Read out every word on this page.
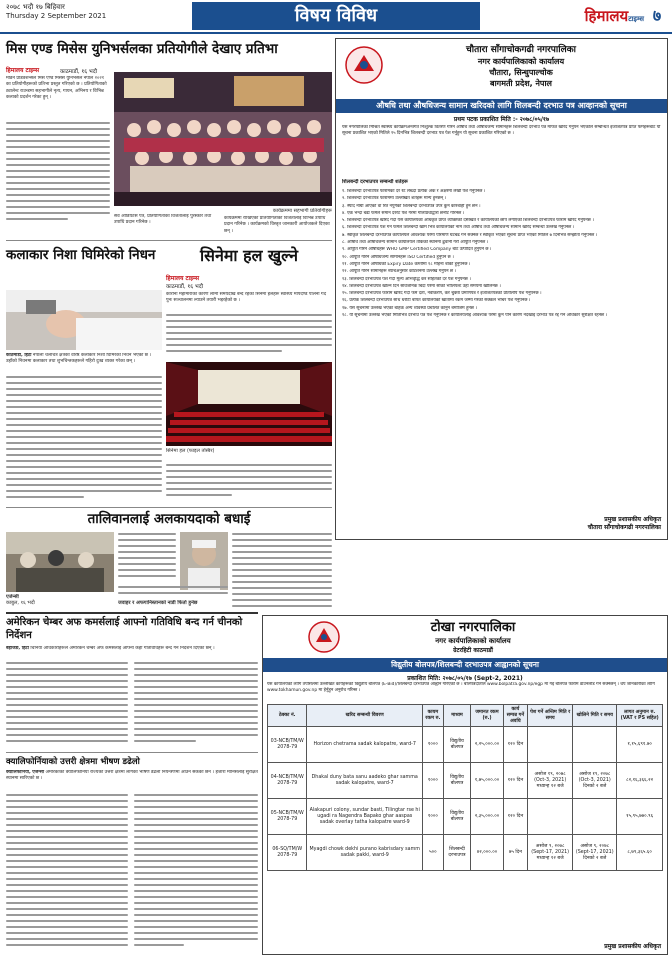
२०७८ भदौ १७ बिहिवार
Thursday 2 September 2021	विषय विविध	हिमालयटाइम्स ७
मिस एण्ड मिसेस युनिभर्सलका प्रतियोगीले देखाए प्रतिभा
हिमालय टाइम्स	काठमाडौं, १६ भदौ
मोडर्न प्रोडक्शन्सले मिस एण्ड मिसेस युनिभर्सल नेपाल २०२१ का प्रतियोगीहरूको प्रतिभा प्रस्तुत गरिएको छ । प्रतियोगिताको ट्यालेन्ट राउन्डमा सहभागीले नृत्य, गायन, अभिनय र विभिन्न कलाको प्रदर्शन गरेका हुन् ।
कार्यक्रममा सहभागी प्रतियोगीहरू
सर्वे ओडियेटर्स पत्र, प्रतियोगिताका विजेतालाई पुरस्कार तथा उपाधि प्रदान गरिनेछ ।
कार्यक्रममा राखिएको प्रतियोगिताको विजेतालाई विभिन्न उपाधि प्रदान गरिनेछ । कार्यक्रमको विस्तृत जानकारी आयोजकले दिएका छन् ।
कलाकार निशा घिमिरेको निधन
काठमाडौं, हिटो नेपाली चलचित्र क्षेत्रकी वरिष्ठ कलाकार निशा घिमिरेको निधन भएको छ । उहाँको निधनमा कलाकार तथा शुभचिन्तकहरूले गहिरो दुःख व्यक्त गरेका छन् ।
सिनेमा हल खुल्ने
हिमालय टाइम्स
काठमाडौं, १६ भदौ
कोरोना महामारीका कारण लामो समयदेखि बन्द रहेका सिनेमा हलहरू स्वास्थ्य मापदण्ड पालना गर्दै पुनः सञ्चालनमा ल्याउने तयारी भइरहेको छ ।
सिनेमा हल (फाइल तस्बिर)
तालिवानलाई अलकायदाको बधाई
एजेन्सी
काबुल, १६ भदौ	जवाहर र अफगानिस्तानको नाडी फिर्ता हुनेछ
अमेरिकन चेम्बर अफ कमर्सलाई आफ्नो गतिविधि बन्द गर्न चीनको निर्देशन
बेइजिङ, हिटो चिनियाँ अधिकारीहरूले अमेरिकन चेम्बर अफ कमर्सलाई आफ्ना केही गतिविधिहरू बन्द गर्न निर्देशन दिएका छन् ।
क्यालिफोर्नियाको उत्तरी क्षेत्रमा भीषण डढेलो
क्यालिफोर्निया, एजेन्सी अमेरिकाको क्यालिफोर्निया राज्यको उत्तरी क्षेत्रमा लागेको भीषण डढेलो नियन्त्रणमा आउन सकेको छैन । हजारौं मानिसलाई सुरक्षित स्थानमा सारिएको छ ।
चौतारा साँगाचोकगढी नगरपालिका
नगर कार्यपालिकाको कार्यालय
चौतारा, सिन्धुपाल्चोक
बागमती प्रदेश, नेपाल
औषधि तथा औषधिजन्य सामान खरिदको लागि शिलबन्दी दरभाउ पत्र आव्हानको सूचना
प्रथम पटक प्रकाशित मिति :- २०७८/०५/१७
यस नगरपालिका मिश्रित स्वास्थ्य कार्यक्रमअन्तर्गत निःशुल्क वितरण गरिने औषधि तथा औषधिजन्य सामानहरू शिलबन्दी दरभाउ पत्र मार्फत खरिद गर्नुपर्ने भएकोले सम्बन्धित इजाजतपत्र प्राप्त फर्महरूबाट यो सूचना प्रकाशित भएको मितिले १५ दिनभित्र शिलबन्दी दरभाउ पत्र पेश गर्नुहुन यो सूचना प्रकाशित गरिएको छ ।
शिलबन्दी दरभाउपत्र सम्बन्धी शर्तहरू
१. शिलबन्दी दरभाउपत्र फारामका दर रेट लेख्दा प्रत्येक अंक र अक्षरमा लेखी पेश गर्नुपर्नेछ ।
२. शिलबन्दी दरभाउपत्र फाराममा उल्लेखित शर्तहरू मान्य हुनेछन् ।
३. स्याद नाघी आएको वा रित नपुगेको शिलबन्दी दरभाउपत्र उपर कुनै कारबाही हुने छैन ।
४. एक भन्दा बढी फर्मले समान दररेट पेश गरेमा गोलाप्रथाद्वारा छनौट गरिनेछ ।
५. शिलबन्दी दरभाउपत्र खरिद गर्दा यस कार्यालयको अधिकृत प्राप्त व्यक्तिको दस्तखत र कार्यालयको छाप लगाएको शिलबन्दी दरभाउपत्र फाराम खरिद गर्नुपर्नेछ ।
६. शिलबन्दी दरभाउपत्र पेश गर्ने फर्मले शिलबन्दी खाम भित्र कार्यालयको नाम तथा औषधि तथा औषधिजन्य सामान खरिद सम्बन्धी उल्लेख गर्नुपर्नेछ ।
७. स्वीकृत शिलबन्दी दरभाउपत्र कार्यालयले आवश्यक परेमा परिमाण घटबढ गर्न सक्नेछ र स्वीकृत भएको सूचना प्राप्त भएको मितिले ७ दिनभित्र सम्झौता गर्नुपर्नेछ ।
८. औषधि तथा औषधिजन्य सामान कार्यालयले तोकेको स्थानमा ढुवानी गरी आपूर्ति गर्नुपर्नेछ ।
९. आपूर्ति गरिने औषधिहरू WHO GMP Certified Company बाट उत्पादित हुनुपर्ने छ ।
१०. आपूर्ति गरिने औषधिजन्य सामानहरू ISO Certified हुनुपर्ने छ ।
११. आपूर्ति गरिने औषधिको Expiry Date कम्तीमा १८ महिना बाँकी हुनुपर्नेछ ।
१२. आपूर्ति गरिने सामानहरू ब्याचअनुसार कोटेशनमा उल्लेख गर्नुपर्ने छ ।
१३. शिलबन्दी दरभाउपत्र पेश गर्दा मूल्य अभिवृद्धि कर सहितको दर पेश गर्नुपर्नेछ ।
१४. शिलबन्दी दरभाउपत्र खोल्ने दिन सार्वजनिक बिदा परेमा सोको भोलिपल्ट उही समयमा खोलिनेछ ।
१५. शिलबन्दी दरभाउपत्र फाराम खरिद गर्दा फर्म दर्ता, नवीकरण, कर चुक्ता प्रमाणपत्र र इजाजतपत्रको प्रतिलिपि पेश गर्नुपर्नेछ ।
१६. प्रत्येक शिलबन्दी दरभाउपत्र साथ धरौटी बापत कार्यालयको खातामा रकम जम्मा गरेको सक्कल भौचर पेश गर्नुपर्नेछ ।
१७. यस सूचनामा उल्लेख भएका बाहेक अन्य व्यवस्था प्रचलित कानुन बमोजिम हुनेछ ।
१८. यो सूचनामा उल्लेख भएको मितिभित्र दरभाउ पत्र पेश गर्नुपर्नेछ र कार्यालयलाई आवश्यक परेमा कुनै पनि कारण नदेखाई दरभाउ पत्र रद्द गर्ने अधिकार सुरक्षित रहनेछ ।
प्रमुख प्रशासकीय अधिकृत
चौतारा साँगाचोकगढी नगरपालिका
टोखा नगरपालिका
नगर कार्यपालिकाको कार्यालय
ग्रेटरहिटी काठमाडौं
विद्युतीय बोलपत्र/शिलबन्दी दरभाउपत्र आह्वानको सूचना
प्रकाशित मिति: २०७८/०५/१७ (Sept-2, 2021)
यस कार्यालयको लागि तपसिलमा उल्लेखित कार्यहरूको विद्युतीय बोलपत्र (E-Bid)/शिलबन्दी दरभाउपत्र आह्वान गरिएको छ । बोलपत्रदाताले www.bolpatra.gov.np/egp मा गई बोलपत्र फाराम डाउनलोड गर्न सक्नेछन् । थप जानकारीका लागि www.tokhamun.gov.np मा हेर्नुहुन अनुरोध गरिन्छ ।
ठेक्का नं.	खरिद सम्बन्धी विवरण	कायम रकम रु.	माध्यम	जमानत रकम (रु.)	कार्य सम्पन्न गर्ने अवधि	पेश गर्ने अन्तिम मिति र समय	खोलिने मिति र समय	लागत अनुमान रु. (VAT र PS सहित)
03-NCB/TM/W 2078-79	Horizon chetrama sadak kalopatre, ward-7	१०००	विद्युतीय बोलपत्र	२,२५,०००.००	१२० दिन			१,१५,६९१.७०
04-NCB/TM/W 2078-79	Dhakal duny bata sanu aadeko ghar samma sadak kalopatre, ward-7	१०००	विद्युतीय बोलपत्र	१,७५,०००.००	१२० दिन	असोज १९, २०७८ (Oct-3, 2021) मध्यान्ह १२ बजे	असोज १९, २०७८ (Oct-3, 2021) दिनको २ बजे	८२,१६,३६६.२२
05-NCB/TM/W 2078-79	Alakapuri colony, sundar basti, Tilingtar rse hi ugadi ra Nagendra Bapako ghar aaspas sadak overlay tatha kalopatre ward-9	१०००	विद्युतीय बोलपत्र	२,३५,०००.००	१२० दिन			१५,९५,७७०.९६
06-SQ/TM/W 2078-79	Myagdi chowk dekhi purano kabrisdary samm sadak pakki, ward-9	५००	शिलबन्दी दरभाउपत्र	४२,०००.००	७५ दिन	असोज ९, २०७८ (Sept-17, 2021) मध्यान्ह १२ बजे	असोज ९, २०७८ (Sept-17, 2021) दिनको २ बजे	८,७९,३६५.६०
प्रमुख प्रशासकीय अधिकृत
